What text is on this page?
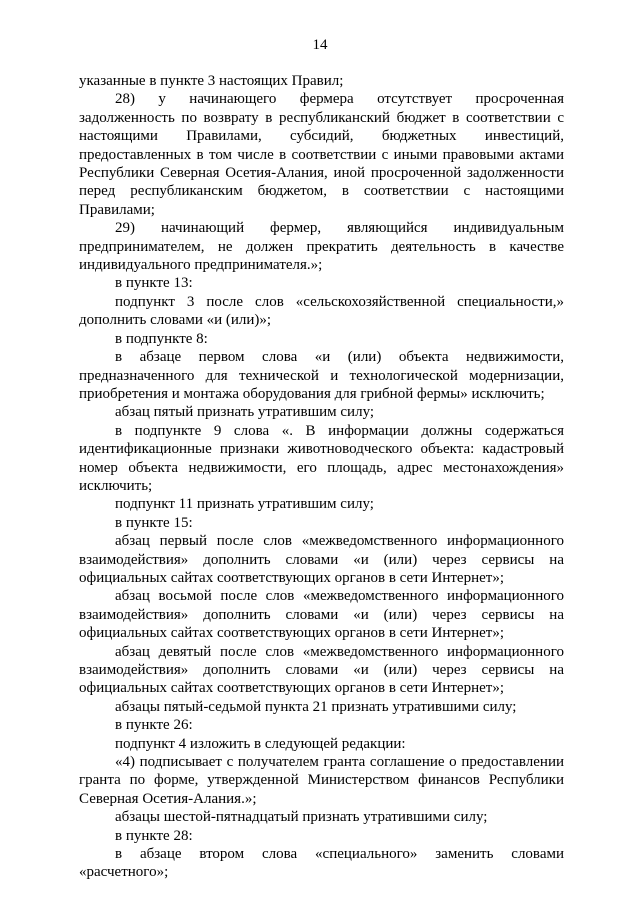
14

указанные в пункте 3 настоящих Правил;

28) у начинающего фермера отсутствует просроченная задолженность по возврату в республиканский бюджет в соответствии с настоящими Правилами, субсидий, бюджетных инвестиций, предоставленных в том числе в соответствии с иными правовыми актами Республики Северная Осетия-Алания, иной просроченной задолженности перед республиканским бюджетом, в соответствии с настоящими Правилами;

29) начинающий фермер, являющийся индивидуальным предпринимателем, не должен прекратить деятельность в качестве индивидуального предпринимателя.»;

в пункте 13:

подпункт 3 после слов «сельскохозяйственной специальности,» дополнить словами «и (или)»;

в подпункте 8:

в абзаце первом слова «и (или) объекта недвижимости, предназначенного для технической и технологической модернизации, приобретения и монтажа оборудования для грибной фермы» исключить;

абзац пятый признать утратившим силу;

в подпункте 9 слова «. В информации должны содержаться идентификационные признаки животноводческого объекта: кадастровый номер объекта недвижимости, его площадь, адрес местонахождения» исключить;

подпункт 11 признать утратившим силу;

в пункте 15:

абзац первый после слов «межведомственного информационного взаимодействия» дополнить словами «и (или) через сервисы на официальных сайтах соответствующих органов в сети Интернет»;

абзац восьмой после слов «межведомственного информационного взаимодействия» дополнить словами «и (или) через сервисы на официальных сайтах соответствующих органов в сети Интернет»;

абзац девятый после слов «межведомственного информационного взаимодействия» дополнить словами «и (или) через сервисы на официальных сайтах соответствующих органов в сети Интернет»;

абзацы пятый-седьмой пункта 21 признать утратившими силу;

в пункте 26:

подпункт 4 изложить в следующей редакции:

«4) подписывает с получателем гранта соглашение о предоставлении гранта по форме, утвержденной Министерством финансов Республики Северная Осетия-Алания.»;

абзацы шестой-пятнадцатый признать утратившими силу;

в пункте 28:

в абзаце втором слова «специального» заменить словами «расчетного»;
